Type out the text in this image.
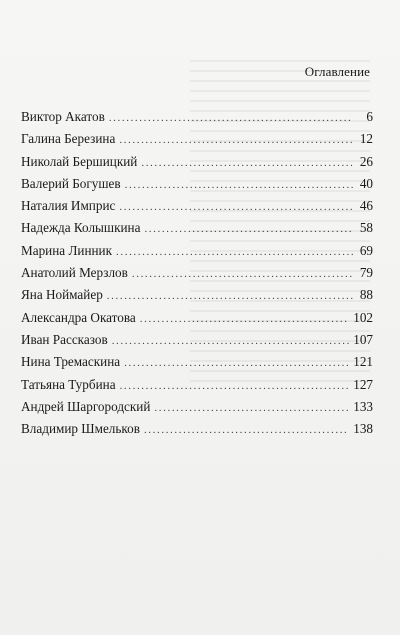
Оглавление
Виктор Акатов .....	6
Галина Березина .....	12
Николай Бершицкий .....	26
Валерий Богушев .....	40
Наталия Имприс .....	46
Надежда Колышкина .....	58
Марина Линник .....	69
Анатолий Мерзлов .....	79
Яна Ноймайер .....	88
Александра Окатова .....	102
Иван Рассказов .....	107
Нина Тремаскина .....	121
Татьяна Турбина .....	127
Андрей Шаргородский .....	133
Владимир Шмельков .....	138
